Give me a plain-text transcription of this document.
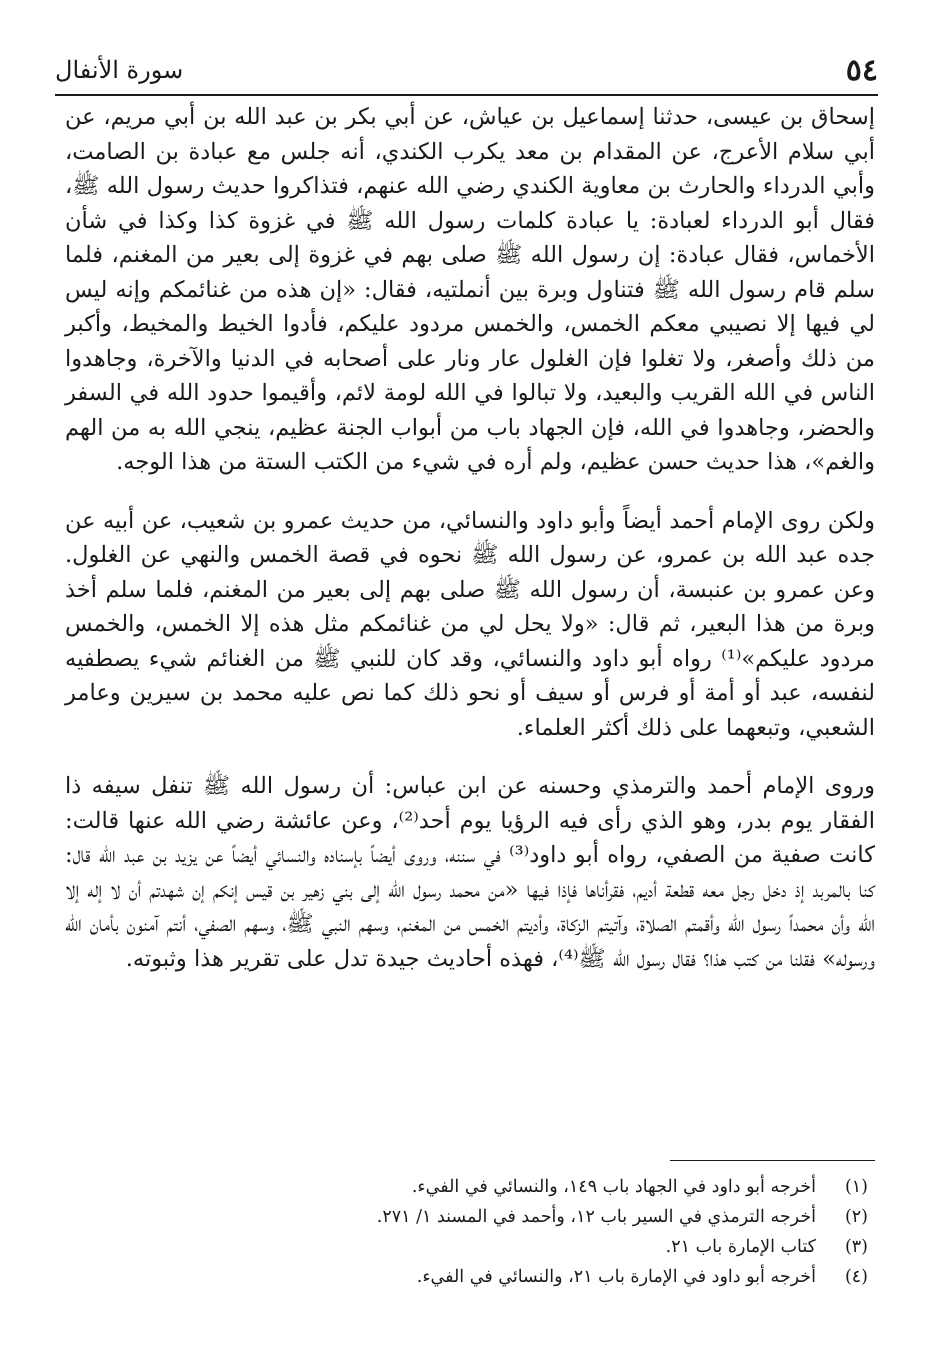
٥٤
سورة الأنفال

إسحاق بن عيسى، حدثنا إسماعيل بن عياش، عن أبي بكر بن عبد الله بن أبي مريم، عن أبي سلام الأعرج، عن المقدام بن معد يكرب الكندي، أنه جلس مع عبادة بن الصامت، وأبي الدرداء والحارث بن معاوية الكندي رضي الله عنهم، فتذاكروا حديث رسول الله ﷺ، فقال أبو الدرداء لعبادة: يا عبادة كلمات رسول الله ﷺ في غزوة كذا وكذا في شأن الأخماس، فقال عبادة: إن رسول الله ﷺ صلى بهم في غزوة إلى بعير من المغنم، فلما سلم قام رسول الله ﷺ فتناول وبرة بين أنملتيه، فقال: «إن هذه من غنائمكم وإنه ليس لي فيها إلا نصيبي معكم الخمس، والخمس مردود عليكم، فأدوا الخيط والمخيط، وأكبر من ذلك وأصغر، ولا تغلوا فإن الغلول عار ونار على أصحابه في الدنيا والآخرة، وجاهدوا الناس في الله القريب والبعيد، ولا تبالوا في الله لومة لائم، وأقيموا حدود الله في السفر والحضر، وجاهدوا في الله، فإن الجهاد باب من أبواب الجنة عظيم، ينجي الله به من الهم والغم»، هذا حديث حسن عظيم، ولم أره في شيء من الكتب الستة من هذا الوجه.

ولكن روى الإمام أحمد أيضاً وأبو داود والنسائي، من حديث عمرو بن شعيب، عن أبيه عن جده عبد الله بن عمرو، عن رسول الله ﷺ نحوه في قصة الخمس والنهي عن الغلول. وعن عمرو بن عنبسة، أن رسول الله ﷺ صلى بهم إلى بعير من المغنم، فلما سلم أخذ وبرة من هذا البعير، ثم قال: «ولا يحل لي من غنائمكم مثل هذه إلا الخمس، والخمس مردود عليكم»⁽¹⁾ رواه أبو داود والنسائي، وقد كان للنبي ﷺ من الغنائم شيء يصطفيه لنفسه، عبد أو أمة أو فرس أو سيف أو نحو ذلك كما نص عليه محمد بن سيرين وعامر الشعبي، وتبعهما على ذلك أكثر العلماء.

وروى الإمام أحمد والترمذي وحسنه عن ابن عباس: أن رسول الله ﷺ تنفل سيفه ذا الفقار يوم بدر، وهو الذي رأى فيه الرؤيا يوم أحد⁽²⁾، وعن عائشة رضي الله عنها قالت: كانت صفية من الصفي، رواه أبو داود⁽³⁾ في سننه، وروى أيضاً بإسناده والنسائي أيضاً عن يزيد بن عبد الله قال: كنا بالمربد إذ دخل رجل معه قطعة أديم، فقرأناها فإذا فيها «من محمد رسول الله إلى بني زهير بن قيس إنكم إن شهدتم أن لا إله إلا الله وأن محمداً رسول الله وأقمتم الصلاة، وآتيتم الزكاة، وأديتم الخمس من المغنم، وسهم النبي ﷺ، وسهم الصفي، أنتم آمنون بأمان الله ورسوله» فقلنا من كتب هذا؟ فقال رسول الله ﷺ⁽⁴⁾، فهذه أحاديث جيدة تدل على تقرير هذا وثبوته.

(١)
أخرجه أبو داود في الجهاد باب ١٤٩، والنسائي في الفيء.
(٢)
أخرجه الترمذي في السير باب ١٢، وأحمد في المسند ١/ ٢٧١.
(٣)
كتاب الإمارة باب ٢١.
(٤)
أخرجه أبو داود في الإمارة باب ٢١، والنسائي في الفيء.
